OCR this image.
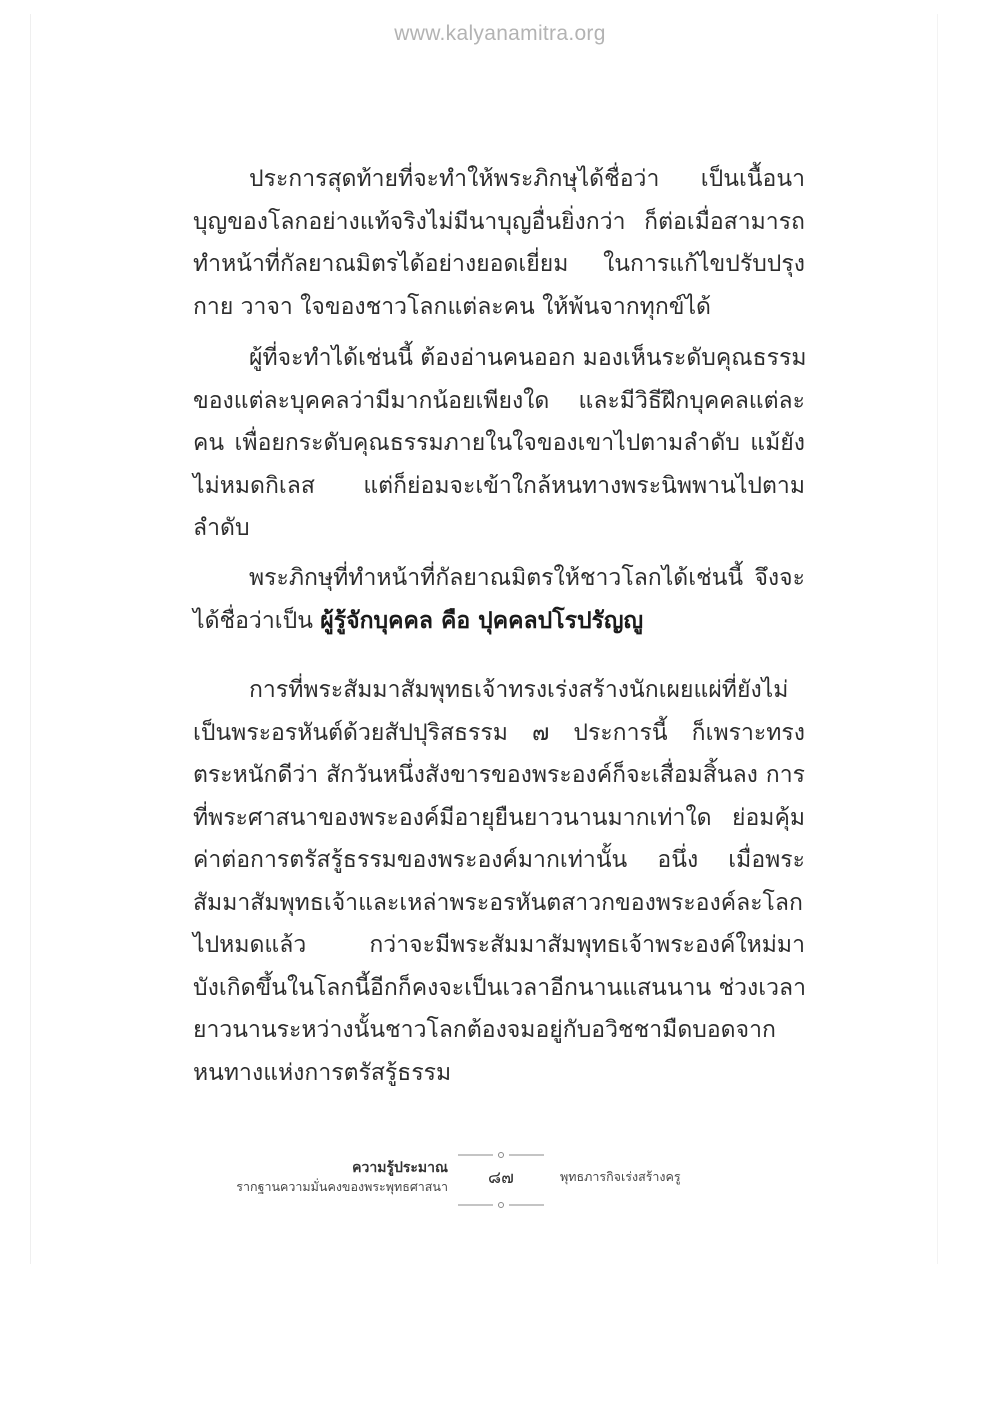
www.kalyanamitra.org

ประการสุดท้ายที่จะทำให้พระภิกษุได้ชื่อว่า เป็นเนื้อนา
บุญของโลกอย่างแท้จริงไม่มีนาบุญอื่นยิ่งกว่า ก็ต่อเมื่อสามารถ
ทำหน้าที่กัลยาณมิตรได้อย่างยอดเยี่ยม ในการแก้ไขปรับปรุง
กาย วาจา ใจของชาวโลกแต่ละคน ให้พ้นจากทุกข์ได้

ผู้ที่จะทำได้เช่นนี้ ต้องอ่านคนออก มองเห็นระดับคุณธรรม
ของแต่ละบุคคลว่ามีมากน้อยเพียงใด และมีวิธีฝึกบุคคลแต่ละ
คน เพื่อยกระดับคุณธรรมภายในใจของเขาไปตามลำดับ แม้ยัง
ไม่หมดกิเลส แต่ก็ย่อมจะเข้าใกล้หนทางพระนิพพานไปตาม
ลำดับ

พระภิกษุที่ทำหน้าที่กัลยาณมิตรให้ชาวโลกได้เช่นนี้ จึงจะ
ได้ชื่อว่าเป็น ผู้รู้จักบุคคล คือ ปุคคลปโรปรัญญู

การที่พระสัมมาสัมพุทธเจ้าทรงเร่งสร้างนักเผยแผ่ที่ยังไม่
เป็นพระอรหันต์ด้วยสัปปุริสธรรม ๗ ประการนี้ ก็เพราะทรง
ตระหนักดีว่า สักวันหนึ่งสังขารของพระองค์ก็จะเสื่อมสิ้นลง การ
ที่พระศาสนาของพระองค์มีอายุยืนยาวนานมากเท่าใด ย่อมคุ้ม
ค่าต่อการตรัสรู้ธรรมของพระองค์มากเท่านั้น อนึ่ง เมื่อพระ
สัมมาสัมพุทธเจ้าและเหล่าพระอรหันตสาวกของพระองค์ละโลก
ไปหมดแล้ว กว่าจะมีพระสัมมาสัมพุทธเจ้าพระองค์ใหม่มา
บังเกิดขึ้นในโลกนี้อีกก็คงจะเป็นเวลาอีกนานแสนนาน ช่วงเวลา
ยาวนานระหว่างนั้นชาวโลกต้องจมอยู่กับอวิชชามืดบอดจาก
หนทางแห่งการตรัสรู้ธรรม

ความรู้ประมาณ
รากฐานความมั่นคงของพระพุทธศาสนา	๘๗	พุทธภารกิจเร่งสร้างครู
